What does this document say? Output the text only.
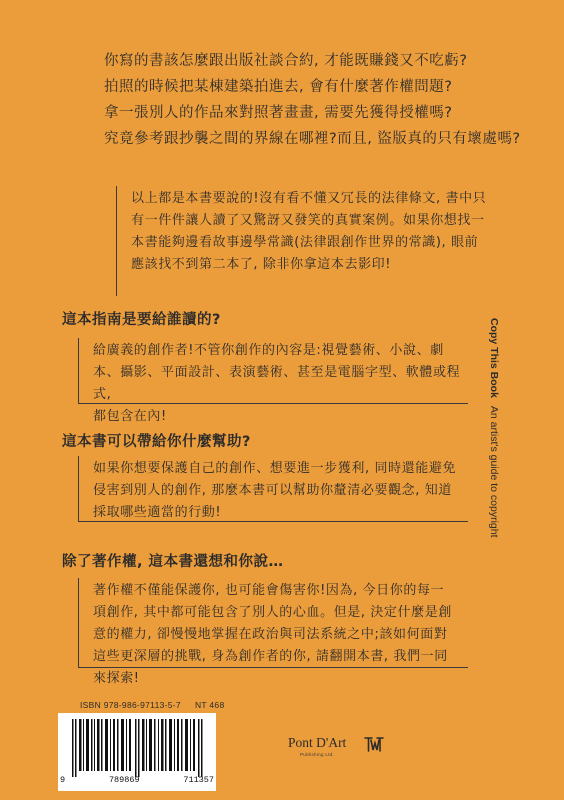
你寫的書該怎麼跟出版社談合約, 才能既賺錢又不吃虧?

拍照的時候把某棟建築拍進去, 會有什麼著作權問題?

拿一張別人的作品來對照著畫畫, 需要先獲得授權嗎?

究竟參考跟抄襲之間的界線在哪裡?而且, 盜版真的只有壞處嗎?

以上都是本書要說的!沒有看不懂又冗長的法律條文, 書中只

有一件件讓人讀了又驚訝又發笑的真實案例。如果你想找一

本書能夠邊看故事邊學常識(法律跟創作世界的常識), 眼前

應該找不到第二本了, 除非你拿這本去影印!

這本指南是要給誰讀的?

給廣義的創作者!不管你創作的內容是:視覺藝術、小說、劇

本、攝影、平面設計、表演藝術、甚至是電腦字型、軟體或程式,

都包含在內!

這本書可以帶給你什麼幫助?

如果你想要保護自己的創作、想要進一步獲利, 同時還能避免

侵害到別人的創作, 那麼本書可以幫助你釐清必要觀念, 知道

採取哪些適當的行動!

除了著作權, 這本書還想和你說…

著作權不僅能保護你, 也可能會傷害你!因為, 今日你的每一

項創作, 其中都可能包含了別人的心血。但是, 決定什麼是創

意的權力, 卻慢慢地掌握在政治與司法系統之中;該如何面對

這些更深層的挑戰, 身為創作者的你, 請翻開本書, 我們一同

來探索!

Copy This BookAn artist's guide to copyright
ISBN 978-986-97113-5-7 NT 468
9	789869	711357
Pont D'Art
Publishing Ltd.
